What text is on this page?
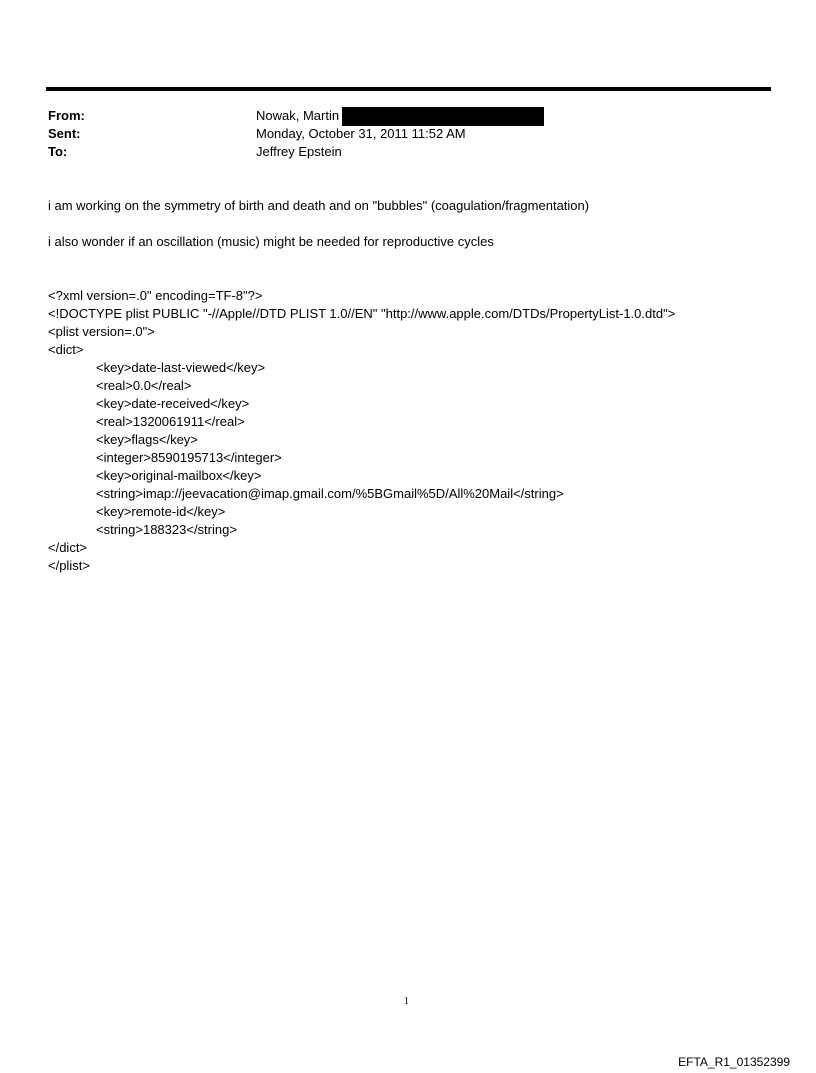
From:	Nowak, Martin
Sent:	Monday, October 31, 2011 11:52 AM
To:	Jeffrey Epstein
i am working on the symmetry of birth and death and on "bubbles" (coagulation/fragmentation)
i also wonder if an oscillation (music) might be needed for reproductive cycles
<?xml version=.0" encoding=TF-8"?>
<!DOCTYPE plist PUBLIC "-//Apple//DTD PLIST 1.0//EN" "http://www.apple.com/DTDs/PropertyList-1.0.dtd">
<plist version=.0">
<dict>
<key>date-last-viewed</key>
<real>0.0</real>
<key>date-received</key>
<real>1320061911</real>
<key>flags</key>
<integer>8590195713</integer>
<key>original-mailbox</key>
<string>imap://jeevacation@imap.gmail.com/%5BGmail%5D/All%20Mail</string>
<key>remote-id</key>
<string>188323</string>
</dict>
</plist>
1
EFTA_R1_01352399
